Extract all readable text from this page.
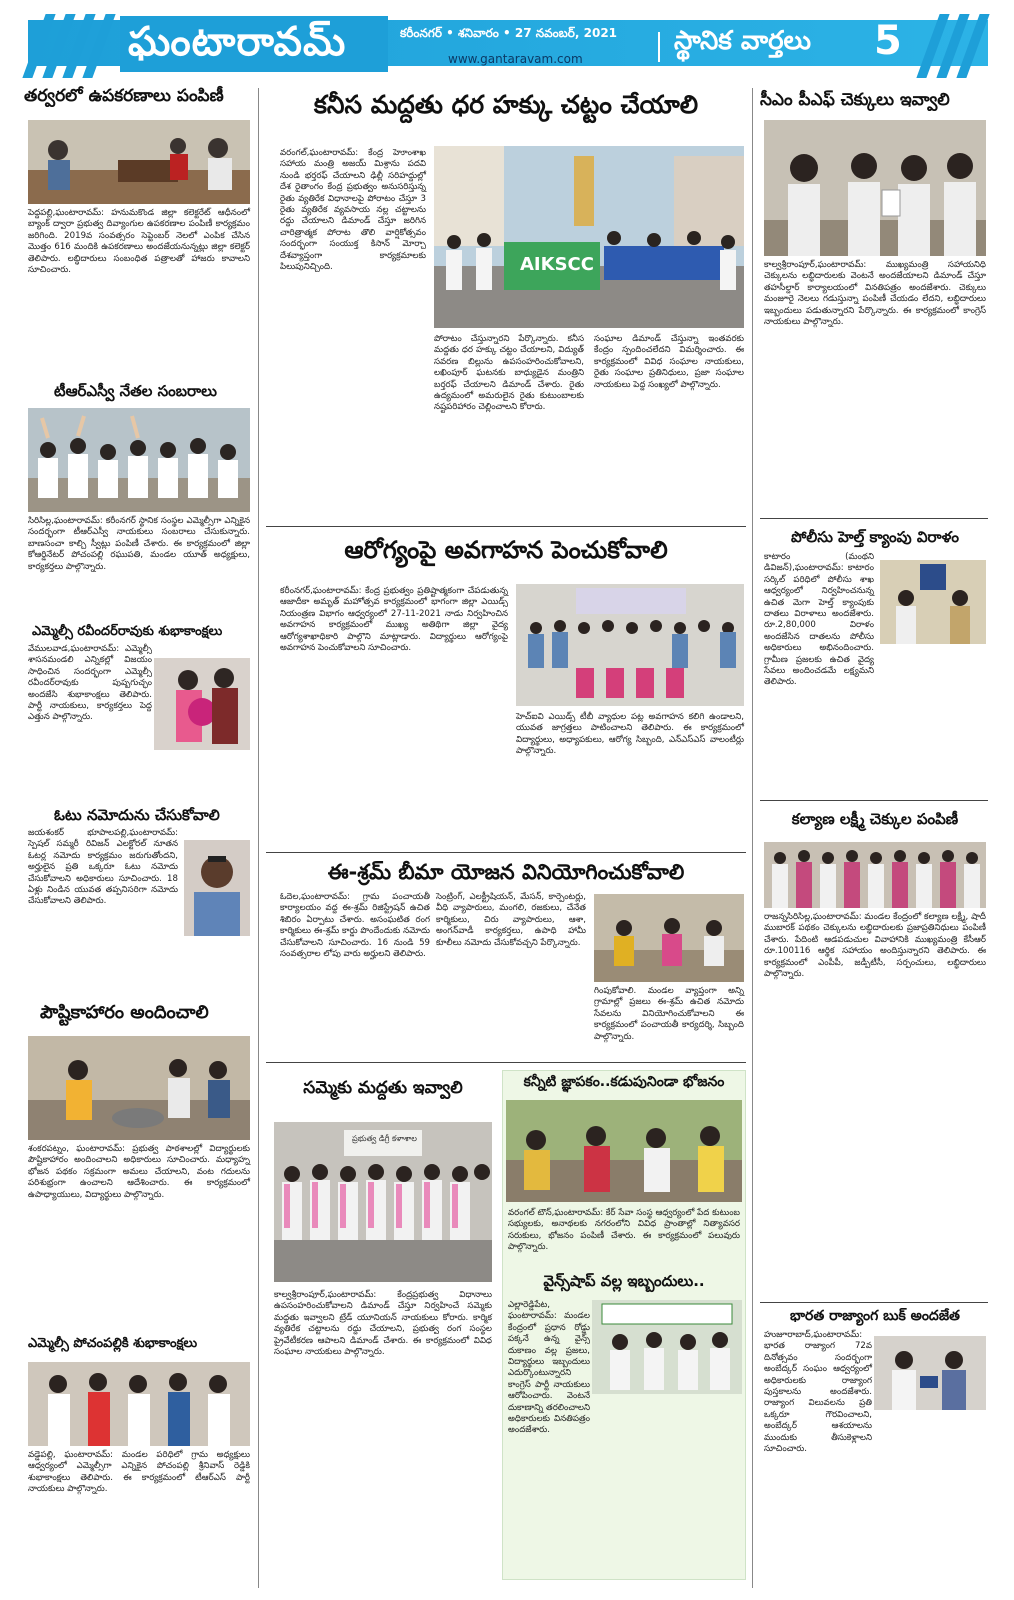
ఘంటారావమ్	కరీంనగర్ • శనివారం • 27 నవంబర్, 2021
www.gantaravam.com
స్థానిక వార్తలు 5
తర్వరలో ఉపకరణాలు పంపిణీ
పెద్దపల్లి,ఘంటారావమ్: హనుమకొండ జిల్లా కలెక్టరేట్ ఆధీనంలో బ్యాంక్ ద్వారా ప్రభుత్వ దివ్యాంగుల ఉపకరణాల పంపిణీ కార్యక్రమం జరిగింది. 2019వ సంవత్సరం సెప్టెంబర్ నెలలో ఎంపిక చేసిన మొత్తం 616 మందికి ఉపకరణాలు అందజేయనున్నట్లు జిల్లా కలెక్టర్ తెలిపారు. లబ్ధిదారులు సంబంధిత పత్రాలతో హాజరు కావాలని సూచించారు.
టీఆర్ఎస్వీ నేతల సంబరాలు
సిరిసిల్ల,ఘంటారావమ్: కరీంనగర్ స్థానిక సంస్థల ఎమ్మెల్సీగా ఎన్నికైన సందర్భంగా టీఆర్ఎస్వీ నాయకులు సంబరాలు చేసుకున్నారు. బాణసంచా కాల్చి స్వీట్లు పంపిణీ చేశారు. ఈ కార్యక్రమంలో జిల్లా కోఆర్డినేటర్ పోచంపల్లి రఘుపతి, మండల యూత్ అధ్యక్షులు, కార్యకర్తలు పాల్గొన్నారు.
ఎమ్మెల్సీ రవీందర్‌రావుకు శుభాకాంక్షలు
వేములవాడ,ఘంటారావమ్: ఎమ్మెల్సీ శాసనమండలి ఎన్నికల్లో విజయం సాధించిన సందర్భంగా ఎమ్మెల్సీ రవీందర్‌రావుకు పుష్పగుచ్ఛం అందజేసి శుభాకాంక్షలు తెలిపారు. పార్టీ నాయకులు, కార్యకర్తలు పెద్ద ఎత్తున పాల్గొన్నారు.
ఓటు నమోదును చేసుకోవాలి
జయశంకర్ భూపాలపల్లి,ఘంటారావమ్: స్పెషల్ సమ్మరీ రివిజన్ ఎలక్టోరల్ నూతన ఓటర్ల నమోదు కార్యక్రమం జరుగుతోందని, అర్హులైన ప్రతి ఒక్కరూ ఓటు నమోదు చేసుకోవాలని అధికారులు సూచించారు. 18 ఏళ్లు నిండిన యువత తప్పనిసరిగా నమోదు చేసుకోవాలని తెలిపారు.
పౌష్టికాహారం అందించాలి
శంకరపట్నం, ఘంటారావమ్: ప్రభుత్వ పాఠశాలల్లో విద్యార్థులకు పౌష్టికాహారం అందించాలని అధికారులు సూచించారు. మధ్యాహ్న భోజన పథకం సక్రమంగా అమలు చేయాలని, వంట గదులను పరిశుభ్రంగా ఉంచాలని ఆదేశించారు. ఈ కార్యక్రమంలో ఉపాధ్యాయులు, విద్యార్థులు పాల్గొన్నారు.
ఎమ్మెల్సీ పోచంపల్లికి శుభాకాంక్షలు
వడ్డెపల్లి, ఘంటారావమ్: మండల పరిధిలో గ్రామ అధ్యక్షులు ఆధ్వర్యంలో ఎమ్మెల్సీగా ఎన్నికైన పోచంపల్లి శ్రీనివాస్ రెడ్డికి శుభాకాంక్షలు తెలిపారు. ఈ కార్యక్రమంలో టీఆర్ఎస్ పార్టీ నాయకులు పాల్గొన్నారు.
కనీస మద్దతు ధర హక్కు చట్టం చేయాలి
వరంగల్,ఘంటారావమ్: కేంద్ర హెూంశాఖ సహాయ మంత్రి అజయ్ మిశ్రాను పదవి నుండి భర్తరఫ్ చేయాలని ఢిల్లీ సరిహద్దుల్లో దేశ రైతాంగం కేంద్ర ప్రభుత్వం అనుసరిస్తున్న రైతు వ్యతిరేక విధానాలపై పోరాటం చేస్తూ 3 రైతు వ్యతిరేక వ్యవసాయ నల్ల చట్టాలను రద్దు చేయాలని డిమాండ్ చేస్తూ జరిగిన చారిత్రాత్మక పోరాట తొలి వార్షికోత్సవం సందర్భంగా సంయుక్త కిసాన్ మోర్చా దేశవ్యాప్తంగా కార్యక్రమాలకు పిలుపునిచ్చింది.	AIKSCC
పోరాటం చేస్తున్నారని పేర్కొన్నారు. కనీస మద్దతు ధర హక్కు చట్టం చేయాలని, విద్యుత్ సవరణ బిల్లును ఉపసంహరించుకోవాలని, లఖింపూర్ ఘటనకు బాధ్యుడైన మంత్రిని బర్తరఫ్ చేయాలని డిమాండ్ చేశారు. రైతు ఉద్యమంలో అమరులైన రైతు కుటుంబాలకు నష్టపరిహారం చెల్లించాలని కోరారు.
సంఘాల డిమాండ్ చేస్తున్నా ఇంతవరకు కేంద్రం స్పందించలేదని విమర్శించారు. ఈ కార్యక్రమంలో వివిధ సంఘాల నాయకులు, రైతు సంఘాల ప్రతినిధులు, ప్రజా సంఘాల నాయకులు పెద్ద సంఖ్యలో పాల్గొన్నారు.
ఆరోగ్యంపై అవగాహన పెంచుకోవాలి
కరీంనగర్,ఘంటారావమ్: కేంద్ర ప్రభుత్వం ప్రతిష్టాత్మకంగా చేపడుతున్న ఆజాదీకా అమృత్ మహోత్సవ కార్యక్రమంలో భాగంగా జిల్లా ఎయిడ్స్ నియంత్రణ విభాగం ఆధ్వర్యంలో 27-11-2021 నాడు నిర్వహించిన అవగాహన కార్యక్రమంలో ముఖ్య అతిథిగా జిల్లా వైద్య ఆరోగ్యశాఖాధికారి పాల్గొని మాట్లాడారు. విద్యార్థులు ఆరోగ్యంపై అవగాహన పెంచుకోవాలని సూచించారు.
హెచ్ఐవి ఎయిడ్స్ టీబీ వ్యాధుల పట్ల అవగాహన కలిగి ఉండాలని, యువత జాగ్రత్తలు పాటించాలని తెలిపారు. ఈ కార్యక్రమంలో విద్యార్థులు, అధ్యాపకులు, ఆరోగ్య సిబ్బంది, ఎన్ఎస్ఎస్ వాలంటీర్లు పాల్గొన్నారు.
ఈ-శ్రమ్ బీమా యోజన వినియోగించుకోవాలి
ఓదెల,ఘంటారావమ్: గ్రామ పంచాయతీ కార్యాలయం వద్ద ఈ-శ్రమ్ రిజిస్ట్రేషన్ ఉచిత శిబిరం ఏర్పాటు చేశారు. అసంఘటిత రంగ కార్మికులు ఈ-శ్రమ్ కార్డు పొందేందుకు నమోదు చేసుకోవాలని సూచించారు. 16 నుండి 59 సంవత్సరాల లోపు వారు అర్హులని తెలిపారు.
సెంట్రింగ్, ఎలక్ట్రీషియన్, మేసన్, కార్పెంటర్లు, వీధి వ్యాపారులు, మంగలి, రజకులు, చేనేత కార్మికులు, చిరు వ్యాపారులు, ఆశా, అంగన్‌వాడీ కార్యకర్తలు, ఉపాధి హామీ కూలీలు నమోదు చేసుకోవచ్చని పేర్కొన్నారు.
గింపుకోవాలి. మండల వ్యాప్తంగా అన్ని గ్రామాల్లో ప్రజలు ఈ-శ్రమ్ ఉచిత నమోదు సేవలను వినియోగించుకోవాలని ఈ కార్యక్రమంలో పంచాయతీ కార్యదర్శి, సిబ్బంది పాల్గొన్నారు.
సమ్మెకు మద్దతు ఇవ్వాలి
ప్రభుత్వ డిగ్రీ కళాశాల
కాల్వశ్రీరాంపూర్,ఘంటారావమ్: కేంద్రప్రభుత్వ విధానాలు ఉపసంహరించుకోవాలని డిమాండ్ చేస్తూ నిర్వహించే సమ్మెకు మద్దతు ఇవ్వాలని ట్రేడ్ యూనియన్ నాయకులు కోరారు. కార్మిక వ్యతిరేక చట్టాలను రద్దు చేయాలని, ప్రభుత్వ రంగ సంస్థల ప్రైవేటీకరణ ఆపాలని డిమాండ్ చేశారు. ఈ కార్యక్రమంలో వివిధ సంఘాల నాయకులు పాల్గొన్నారు.
కన్నీటి జ్ఞాపకం..కడుపునిండా భోజనం
వరంగల్ టౌన్,ఘంటారావమ్: కేర్ సేవా సంస్థ ఆధ్వర్యంలో పేద కుటుంబ సభ్యులకు, అనాథలకు నగరంలోని వివిధ ప్రాంతాల్లో నిత్యావసర సరుకులు, భోజనం పంపిణీ చేశారు. ఈ కార్యక్రమంలో పలువురు పాల్గొన్నారు.
వైన్స్‌షాప్ వల్ల ఇబ్బందులు..
ఎల్లారెడ్డిపేట, ఘంటారావమ్: మండల కేంద్రంలో ప్రధాన రోడ్డు పక్కనే ఉన్న వైన్స్ దుకాణం వల్ల ప్రజలు, విద్యార్థులు ఇబ్బందులు ఎదుర్కొంటున్నారని కాంగ్రెస్ పార్టీ నాయకులు ఆరోపించారు. వెంటనే దుకాణాన్ని తరలించాలని అధికారులకు వినతిపత్రం అందజేశారు.
సీఎం పీఎఫ్ చెక్కులు ఇవ్వాలి
కాల్వశ్రీరాంపూర్,ఘంటారావమ్: ముఖ్యమంత్రి సహాయనిధి చెక్కులను లబ్ధిదారులకు వెంటనే అందజేయాలని డిమాండ్ చేస్తూ తహసీల్దార్ కార్యాలయంలో వినతిపత్రం అందజేశారు. చెక్కులు మంజూరై నెలలు గడుస్తున్నా పంపిణీ చేయడం లేదని, లబ్ధిదారులు ఇబ్బందులు పడుతున్నారని పేర్కొన్నారు. ఈ కార్యక్రమంలో కాంగ్రెస్ నాయకులు పాల్గొన్నారు.
పోలీసు హెల్త్ క్యాంపు విరాళం
కాటారం (మంథని డివిజన్),ఘంటారావమ్: కాటారం సర్కిల్ పరిధిలో పోలీసు శాఖ ఆధ్వర్యంలో నిర్వహించనున్న ఉచిత మెగా హెల్త్ క్యాంపుకు దాతలు విరాళాలు అందజేశారు. రూ.2,80,000 విరాళం అందజేసిన దాతలను పోలీసు అధికారులు అభినందించారు. గ్రామీణ ప్రజలకు ఉచిత వైద్య సేవలు అందించడమే లక్ష్యమని తెలిపారు.
కల్యాణ లక్ష్మీ చెక్కుల పంపిణీ
రాజన్నసిరిసిల్ల,ఘంటారావమ్: మండల కేంద్రంలో కల్యాణ లక్ష్మీ, షాదీ ముబారక్ పథకం చెక్కులను లబ్ధిదారులకు ప్రజాప్రతినిధులు పంపిణీ చేశారు. పేదింటి ఆడపడుచుల వివాహానికి ముఖ్యమంత్రి కేసీఆర్ రూ.100116 ఆర్థిక సహాయం అందిస్తున్నారని తెలిపారు. ఈ కార్యక్రమంలో ఎంపీపీ, జడ్పీటీసీ, సర్పంచులు, లబ్ధిదారులు పాల్గొన్నారు.
భారత రాజ్యాంగ బుక్ అందజేత
హుజూరాబాద్,ఘంటారావమ్: భారత రాజ్యాంగ 72వ దినోత్సవం సందర్భంగా అంబేద్కర్ సంఘం ఆధ్వర్యంలో అధికారులకు రాజ్యాంగ పుస్తకాలను అందజేశారు. రాజ్యాంగ విలువలను ప్రతి ఒక్కరూ గౌరవించాలని, అంబేద్కర్ ఆశయాలను ముందుకు తీసుకెళ్లాలని సూచించారు.
